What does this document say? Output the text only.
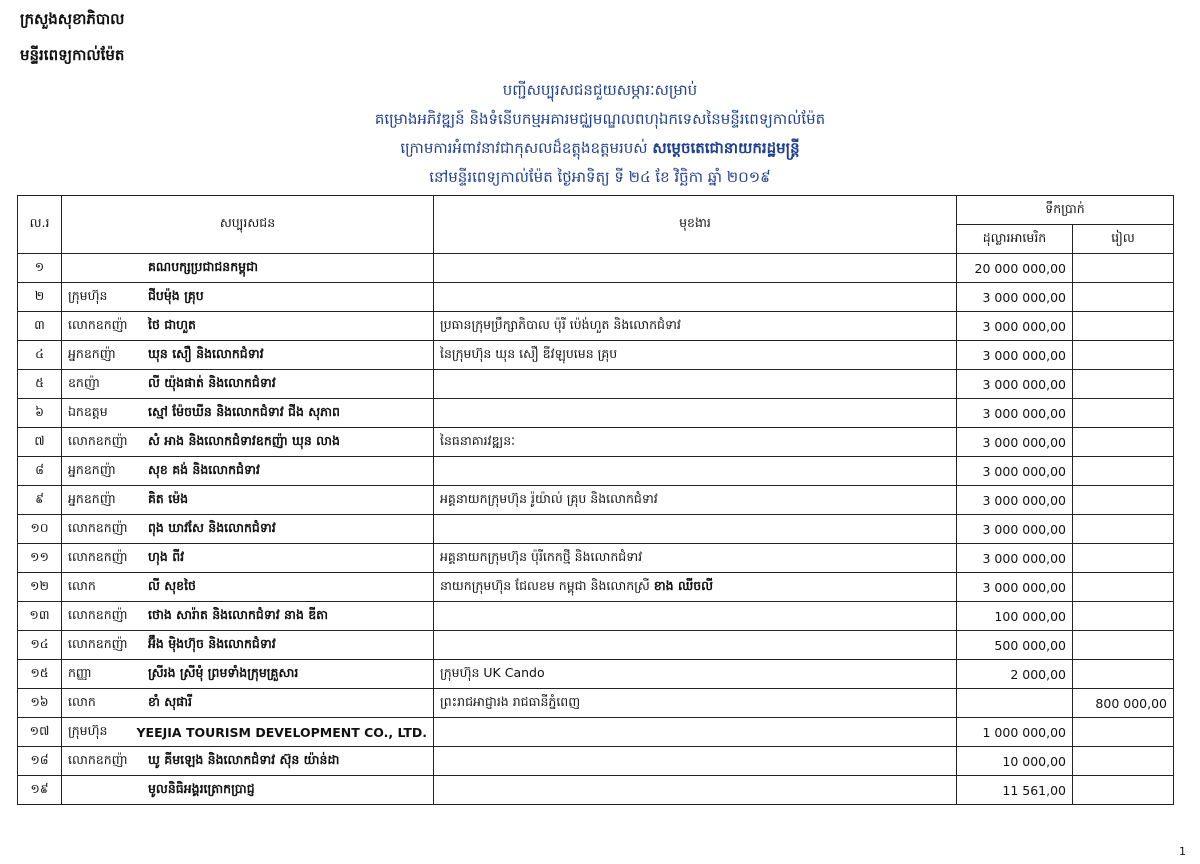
ក្រសួងសុខាភិបាល
មន្ទីរពេទ្យកាល់ម៉ែត
បញ្ជីសប្បុរសជនជួយសម្ភារៈសម្រាប់
គម្រោងអភិវឌ្ឍន៍ និងទំនើបកម្មអគារមជ្ឈមណ្ឌលពហុឯកទេសនៃមន្ទីរពេទ្យកាល់ម៉ែត
ក្រោមការអំពាវនាវជាកុសលដ៏ឧត្តុងឧត្តមរបស់ សម្ដេចតេជោនាយករដ្ឋមន្ត្រី
នៅមន្ទីរពេទ្យកាល់ម៉ែត ថ្ងៃអាទិត្យ ទី ២៤ ខែ វិច្ឆិកា ឆ្នាំ ២០១៩
ល.រ	សប្បុរសជន	មុខងារ	ទឹកប្រាក់	
			ដុល្លារអាមេរិក	រៀល
១	គណបក្សប្រជាជនកម្ពុជា		20 000 000,00	
២	ក្រុមហ៊ុន ជីបម៉ុង គ្រុប		3 000 000,00	
៣	លោកឧកញ៉ា ថៃ ជាហួត	ប្រធានក្រុមប្រឹក្សាភិបាល ប៉ុរី ប៉េង់ហួត និងលោកជំទាវ	3 000 000,00	
៤	អ្នកឧកញ៉ា ឃុន សឿ និងលោកជំទាវ	នៃក្រុមហ៊ុន ឃុន សឿ ឌីវឡុបមេន គ្រុប	3 000 000,00	
៥	ឧកញ៉ា លី យ៉ុងផាត់ និងលោកជំទាវ		3 000 000,00	
៦	ឯកឧត្តម ស្មៅ ម៉ែចឃីន និងលោកជំទាវ ជីង សុភាព		3 000 000,00	
៧	លោកឧកញ៉ា សំ អាង និងលោកជំទាវឧកញ៉ា ឃុន លាង	នៃធនាគារវឌ្ឍនៈ	3 000 000,00	
៨	អ្នកឧកញ៉ា សុខ គង់ និងលោកជំទាវ		3 000 000,00	
៩	អ្នកឧកញ៉ា គិត ម៉េង	អគ្គនាយកក្រុមហ៊ុន រ៉ូយ៉ាល់ គ្រុប និងលោកជំទាវ	3 000 000,00	
១០	លោកឧកញ៉ា ពុង ឃាវសែ និងលោកជំទាវ		3 000 000,00	
១១	លោកឧកញ៉ា ហុង ពីវ	អគ្គនាយកក្រុមហ៊ុន ប៉ុរីកេកថ្មី និងលោកជំទាវ	3 000 000,00	
១២	លោក លី សុខថៃ	នាយកក្រុមហ៊ុន ជែលខម កម្ពុជា និងលោកស្រី ខាង ឈីចលី	3 000 000,00	
១៣	លោកឧកញ៉ា ថោង សារ៉ាត និងលោកជំទាវ នាង ឌីតា		100 000,00	
១៤	លោកឧកញ៉ា អ៊ឹង ម៉ិងហ៊ុច និងលោកជំទាវ		500 000,00	
១៥	កញ្ញា ស្រីរង ស្រីមុំ ព្រមទាំងក្រុមគ្រួសារ	ក្រុមហ៊ុន UK Cando	2 000,00	
១៦	លោក ខាំ សុផារី	ព្រះរាជអាជ្ញារង រាជធានីភ្នំពេញ		800 000,00
១៧	ក្រុមហ៊ុន YEEJIA TOURISM DEVELOPMENT CO., LTD.		1 000 000,00	
១៨	លោកឧកញ៉ា ឃូ គីមឡេង និងលោកជំទាវ ស៊ុន យ៉ាន់ដា		10 000,00	
១៩	មូលនិធិអង្គរត្រោកប្រាជ្ញ		11 561,00	
1
